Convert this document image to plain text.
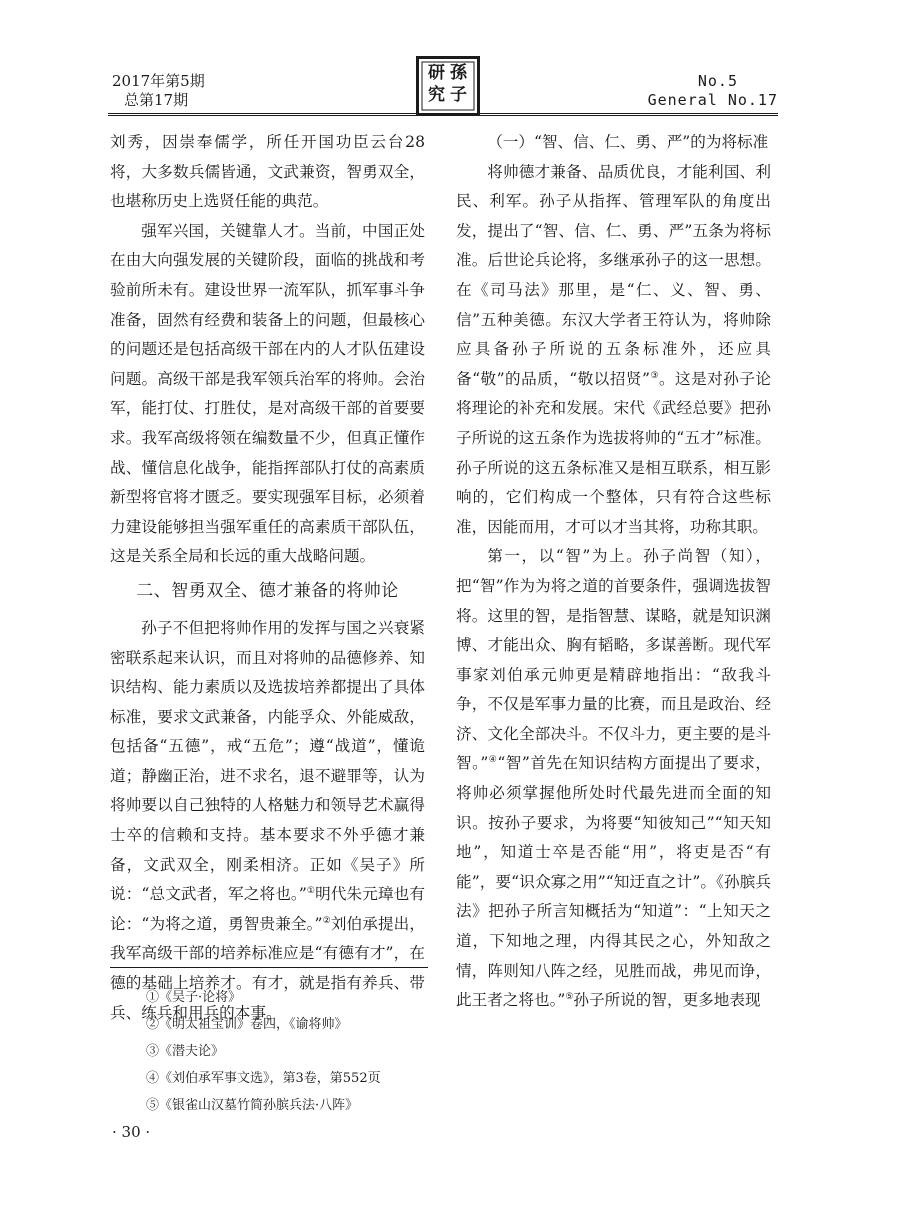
2017年第5期
总第17期
孫
子
研
究
No.5
General No.17

刘秀，因崇奉儒学，所任开国功臣云台28将，大多数兵儒皆通，文武兼资，智勇双全，也堪称历史上选贤任能的典范。

强军兴国，关键靠人才。当前，中国正处在由大向强发展的关键阶段，面临的挑战和考验前所未有。建设世界一流军队，抓军事斗争准备，固然有经费和装备上的问题，但最核心的问题还是包括高级干部在内的人才队伍建设问题。高级干部是我军领兵治军的将帅。会治军，能打仗、打胜仗，是对高级干部的首要要求。我军高级将领在编数量不少，但真正懂作战、懂信息化战争，能指挥部队打仗的高素质新型将官将才匮乏。要实现强军目标，必须着力建设能够担当强军重任的高素质干部队伍，这是关系全局和长远的重大战略问题。

二、智勇双全、德才兼备的将帅论

孙子不但把将帅作用的发挥与国之兴衰紧密联系起来认识，而且对将帅的品德修养、知识结构、能力素质以及选拔培养都提出了具体标准，要求文武兼备，内能孚众、外能威敌，包括备“五德”，戒“五危”；遵“战道”，懂诡道；静幽正治，进不求名，退不避罪等，认为将帅要以自己独特的人格魅力和领导艺术赢得士卒的信赖和支持。基本要求不外乎德才兼备，文武双全，刚柔相济。正如《吴子》所说：“总文武者，军之将也。”①明代朱元璋也有论：“为将之道，勇智贵兼全。”②刘伯承提出，我军高级干部的培养标准应是“有德有才”，在德的基础上培养才。有才，就是指有养兵、带兵、练兵和用兵的本事。

（一）“智、信、仁、勇、严”的为将标准

将帅德才兼备、品质优良，才能利国、利民、利军。孙子从指挥、管理军队的角度出发，提出了“智、信、仁、勇、严”五条为将标准。后世论兵论将，多继承孙子的这一思想。在《司马法》那里，是“仁、义、智、勇、信”五种美德。东汉大学者王符认为，将帅除应具备孙子所说的五条标准外，还应具备“敬”的品质，“敬以招贤”③。这是对孙子论将理论的补充和发展。宋代《武经总要》把孙子所说的这五条作为选拔将帅的“五才”标准。孙子所说的这五条标准又是相互联系，相互影响的，它们构成一个整体，只有符合这些标准，因能而用，才可以才当其将，功称其职。

第一，以“智”为上。孙子尚智（知），把“智”作为为将之道的首要条件，强调选拔智将。这里的智，是指智慧、谋略，就是知识渊博、才能出众、胸有韬略，多谋善断。现代军事家刘伯承元帅更是精辟地指出：“敌我斗争，不仅是军事力量的比赛，而且是政治、经济、文化全部决斗。不仅斗力，更主要的是斗智。”④“智”首先在知识结构方面提出了要求，将帅必须掌握他所处时代最先进而全面的知识。按孙子要求，为将要“知彼知己”“知天知地”，知道士卒是否能“用”，将吏是否“有能”，要“识众寡之用”“知迂直之计”。《孙膑兵法》把孙子所言知概括为“知道”：“上知天之道，下知地之理，内得其民之心，外知敌之情，阵则知八阵之经，见胜而战，弗见而诤，此王者之将也。”⑤孙子所说的智，更多地表现

①《吴子·论将》
②《明太祖宝训》卷四，《谕将帅》
③《潜夫论》
④《刘伯承军事文选》，第3卷，第552页
⑤《银雀山汉墓竹简孙膑兵法·八阵》
· 30 ·
